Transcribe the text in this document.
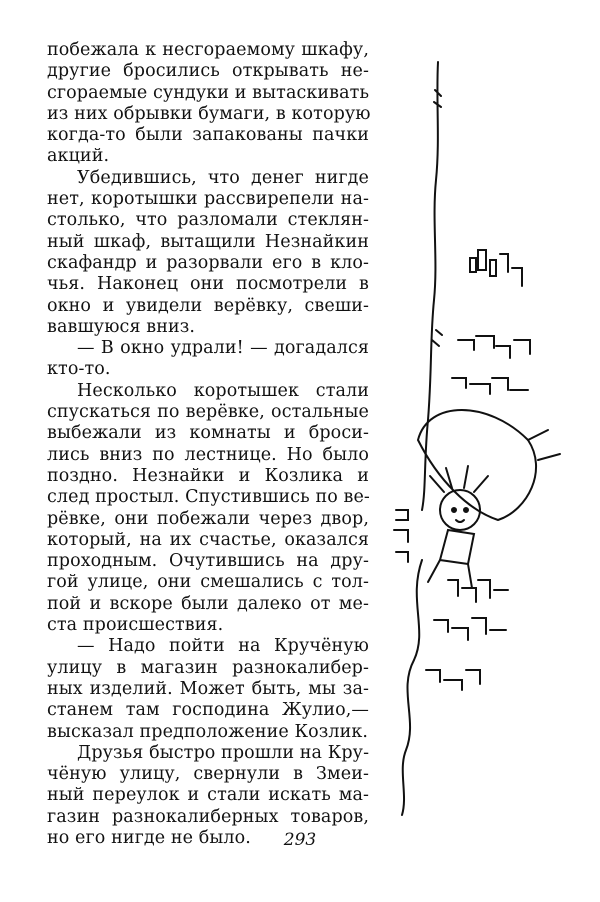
побежала к несгораемому шкафу,
другие бросились открывать не-
сгораемые сундуки и вытаскивать
из них обрывки бумаги, в которую
когда-то были запакованы пачки
акций.

Убедившись, что денег нигде
нет, коротышки рассвирепели на-
столько, что разломали стеклян-
ный шкаф, вытащили Незнайкин
скафандр и разорвали его в кло-
чья. Наконец они посмотрели в
окно и увидели верёвку, свеши-
вавшуюся вниз.

— В окно удрали! — догадался
кто-то.

Несколько коротышек стали
спускаться по верёвке, остальные
выбежали из комнаты и броси-
лись вниз по лестнице. Но было
поздно. Незнайки и Козлика и
след простыл. Спустившись по ве-
рёвке, они побежали через двор,
который, на их счастье, оказался
проходным. Очутившись на дру-
гой улице, они смешались с тол-
пой и вскоре были далеко от ме-
ста происшествия.

— Надо пойти на Кручёную
улицу в магазин разнокалибер-
ных изделий. Может быть, мы за-
станем там господина Жулио,—
высказал предположение Козлик.

Друзья быстро прошли на Кру-
чёную улицу, свернули в Змеи-
ный переулок и стали искать ма-
газин разнокалиберных товаров,
но его нигде не было.	293
